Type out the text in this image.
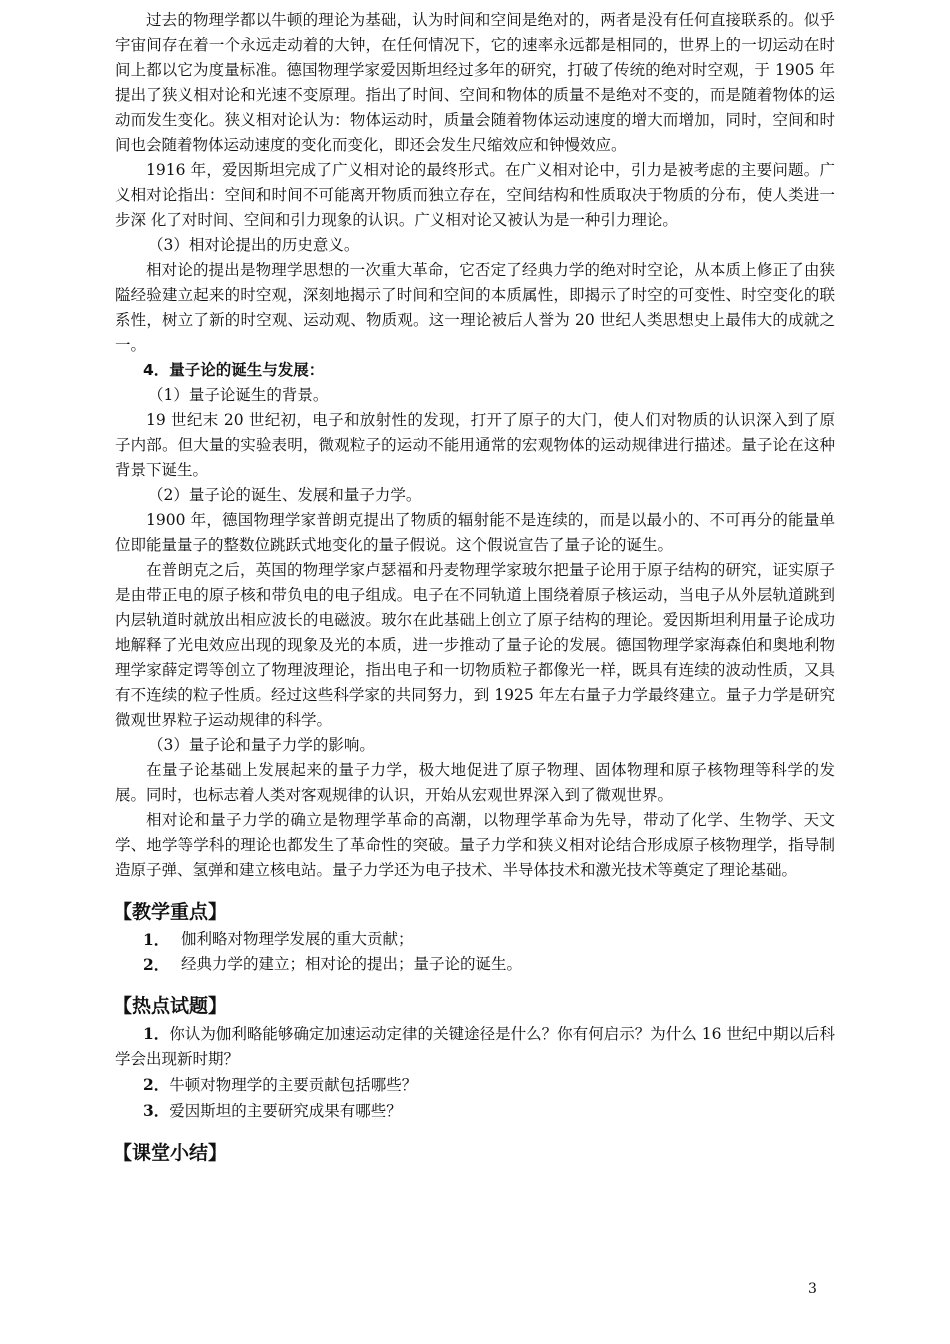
过去的物理学都以牛顿的理论为基础，认为时间和空间是绝对的，两者是没有任何直接联系的。似乎宇宙间存在着一个永远走动着的大钟，在任何情况下，它的速率永远都是相同的，世界上的一切运动在时间上都以它为度量标准。德国物理学家爱因斯坦经过多年的研究，打破了传统的绝对时空观，于 1905 年提出了狭义相对论和光速不变原理。指出了时间、空间和物体的质量不是绝对不变的，而是随着物体的运动而发生变化。狭义相对论认为：物体运动时，质量会随着物体运动速度的增大而增加，同时，空间和时间也会随着物体运动速度的变化而变化，即还会发生尺缩效应和钟慢效应。

1916 年，爱因斯坦完成了广义相对论的最终形式。在广义相对论中，引力是被考虑的主要问题。广义相对论指出：空间和时间不可能离开物质而独立存在，空间结构和性质取决于物质的分布，使人类进一步深 化了对时间、空间和引力现象的认识。广义相对论又被认为是一种引力理论。

（3）相对论提出的历史意义。

相对论的提出是物理学思想的一次重大革命，它否定了经典力学的绝对时空论，从本质上修正了由狭隘经验建立起来的时空观，深刻地揭示了时间和空间的本质属性，即揭示了时空的可变性、时空变化的联系性，树立了新的时空观、运动观、物质观。这一理论被后人誉为 20 世纪人类思想史上最伟大的成就之一。

4．量子论的诞生与发展：

（1）量子论诞生的背景。

19 世纪末 20 世纪初，电子和放射性的发现，打开了原子的大门，使人们对物质的认识深入到了原子内部。但大量的实验表明，微观粒子的运动不能用通常的宏观物体的运动规律进行描述。量子论在这种背景下诞生。

（2）量子论的诞生、发展和量子力学。

1900 年，德国物理学家普朗克提出了物质的辐射能不是连续的，而是以最小的、不可再分的能量单位即能量量子的整数位跳跃式地变化的量子假说。这个假说宣告了量子论的诞生。

在普朗克之后，英国的物理学家卢瑟福和丹麦物理学家玻尔把量子论用于原子结构的研究，证实原子是由带正电的原子核和带负电的电子组成。电子在不同轨道上围绕着原子核运动，当电子从外层轨道跳到内层轨道时就放出相应波长的电磁波。玻尔在此基础上创立了原子结构的理论。爱因斯坦利用量子论成功地解释了光电效应出现的现象及光的本质，进一步推动了量子论的发展。德国物理学家海森伯和奥地利物理学家薛定谔等创立了物理波理论，指出电子和一切物质粒子都像光一样，既具有连续的波动性质，又具有不连续的粒子性质。经过这些科学家的共同努力，到 1925 年左右量子力学最终建立。量子力学是研究微观世界粒子运动规律的科学。

（3）量子论和量子力学的影响。

在量子论基础上发展起来的量子力学，极大地促进了原子物理、固体物理和原子核物理等科学的发展。同时，也标志着人类对客观规律的认识，开始从宏观世界深入到了微观世界。

相对论和量子力学的确立是物理学革命的高潮，以物理学革命为先导，带动了化学、生物学、天文学、地学等学科的理论也都发生了革命性的突破。量子力学和狭义相对论结合形成原子核物理学，指导制造原子弹、氢弹和建立核电站。量子力学还为电子技术、半导体技术和激光技术等奠定了理论基础。

【教学重点】

1． 伽利略对物理学发展的重大贡献；

2． 经典力学的建立；相对论的提出；量子论的诞生。

【热点试题】

1．你认为伽利略能够确定加速运动定律的关键途径是什么？你有何启示？为什么 16 世纪中期以后科学会出现新时期？

2．牛顿对物理学的主要贡献包括哪些？

3．爱因斯坦的主要研究成果有哪些？

【课堂小结】
3
